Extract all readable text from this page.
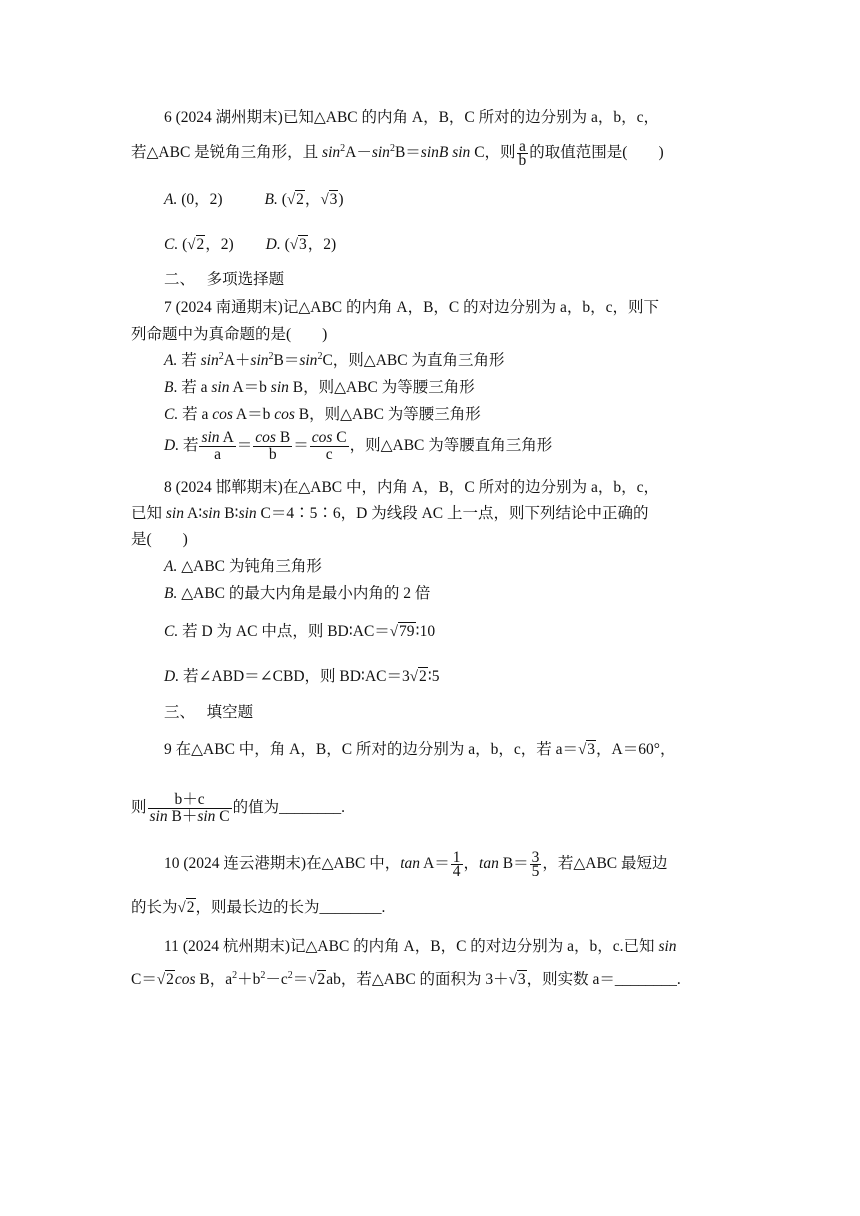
6 (2024 湖州期末)已知△ABC 的内角 A，B，C 所对的边分别为 a，b，c，
若△ABC 是锐角三角形，且 $\sin^2A-\sin^2B=\sin B$ sin C，则 $\frac{a}{b}$ 的取值范围是(　　)
A. (0，2)	B. (√2，√3)
C. (√2，2) D. (√3，2)
二、　 多项选择题
7 (2024 南通期末)记△ABC 的内角 A，B，C 的对边分别为 a，b，c，则下
列命题中为真命题的是(　　)
A. 若 $\sin^2A+\sin^2B=\sin^2C$，则△ABC 为直角三角形
B. 若 a sin A＝b sin B，则△ABC 为等腰三角形
C. 若 a cos A＝b cos B，则△ABC 为等腰三角形
D. 若 $\frac{\text{sin A}}{a} = \frac{\text{cos B}}{b} = \frac{\text{cos C}}{c}$ ，则△ABC 为等腰直角三角形
8 (2024 邯郸期末)在△ABC 中，内角 A，B，C 所对的边分别为 a，b，c，
已知 sin A∶sin B∶sin C＝4∶5∶6，D 为线段 AC 上一点，则下列结论中正确的
是(　　)
A. △ABC 为钝角三角形
B. △ABC 的最大内角是最小内角的 2 倍
C. 若 D 为 AC 中点，则 BD∶AC＝√79∶10
D. 若∠ABD＝∠CBD，则 BD∶AC＝3√2∶5
三、　 填空题
9 在△ABC 中，角 A，B，C 所对的边分别为 a，b，c，若 a＝√3，A＝60°，
则 $\frac{b+c}{\text{sin B＋sin C}}$ 的值为________.
10 (2024 连云港期末)在△ABC 中，$\tan A= \frac{1}{4}$ ，$\tan B= \frac{3}{5}$ ，若△ABC 最短边
的长为√2，则最长边的长为________.
11 (2024 杭州期末)记△ABC 的内角 A，B，C 的对边分别为 a，b，c.已知 sin
C＝√2cos B，$a^2+b^2-c^2=√2ab$，若△ABC 的面积为 3＋√3，则实数 a＝________.
